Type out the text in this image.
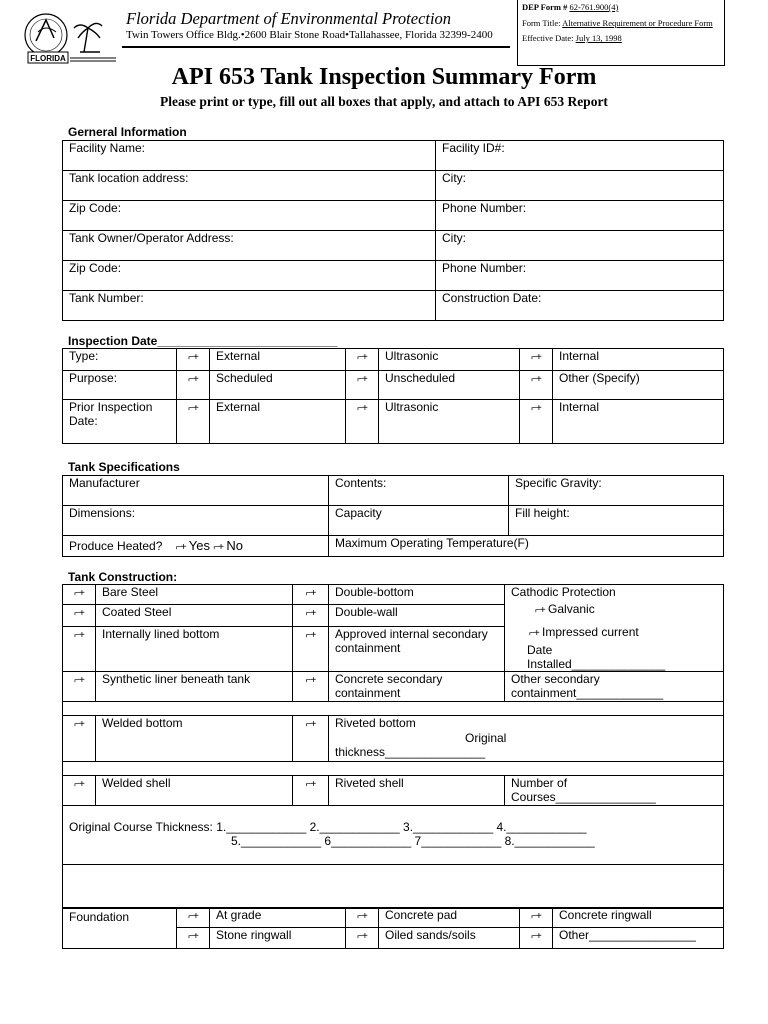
FLORIDA
Florida Department of Environmental Protection
Twin Towers Office Bldg.•2600 Blair Stone Road•Tallahassee, Florida 32399-2400
DEP Form # 62-761.900(4)
Form Title: Alternative Requirement or Procedure Form
Effective Date: July 13, 1998
API 653 Tank Inspection Summary Form
Please print or type, fill out all boxes that apply, and attach to API 653 Report
Gerneral Information
Facility Name:	Facility ID#:
Tank location address:	City:
Zip Code:	Phone Number:
Tank Owner/Operator Address:	City:
Zip Code:	Phone Number:
Tank Number:	Construction Date:
Inspection Date___________________________
Type:	⌐+	External	⌐+	Ultrasonic	⌐+	Internal
Purpose:	⌐+	Scheduled	⌐+	Unscheduled	⌐+	Other (Specify)
Prior Inspection Date:	⌐+	External	⌐+	Ultrasonic	⌐+	Internal
Tank Specifications
Manufacturer	Contents:	Specific Gravity:
Dimensions:	Capacity	Fill height:
Produce Heated? ⌐+ Yes ⌐+ No	Maximum Operating Temperature(F)	
Tank Construction:
⌐+	Bare Steel	⌐+	Double-bottom	Cathodic Protection
⌐+ Galvanic
⌐+ Impressed current
Date Installed______________

⌐+	Coated Steel	⌐+	Double-wall	
⌐+	Internally lined bottom	⌐+	Approved internal secondary containment	
⌐+	Synthetic liner beneath tank	⌐+	Concrete secondary containment	Other secondary containment_____________

⌐+	Welded bottom	⌐+	Riveted bottom
Original
thickness_______________	

⌐+	Welded shell	⌐+	Riveted shell	Number of
Courses_______________

Original Course Thickness: 1.____________ 2.____________ 3.____________ 4.____________
5.____________ 6____________ 7____________ 8.____________				

Foundation	⌐+	At grade	⌐+	Concrete pad	⌐+	Concrete ringwall
	⌐+	Stone ringwall	⌐+	Oiled sands/soils	⌐+	Other________________
